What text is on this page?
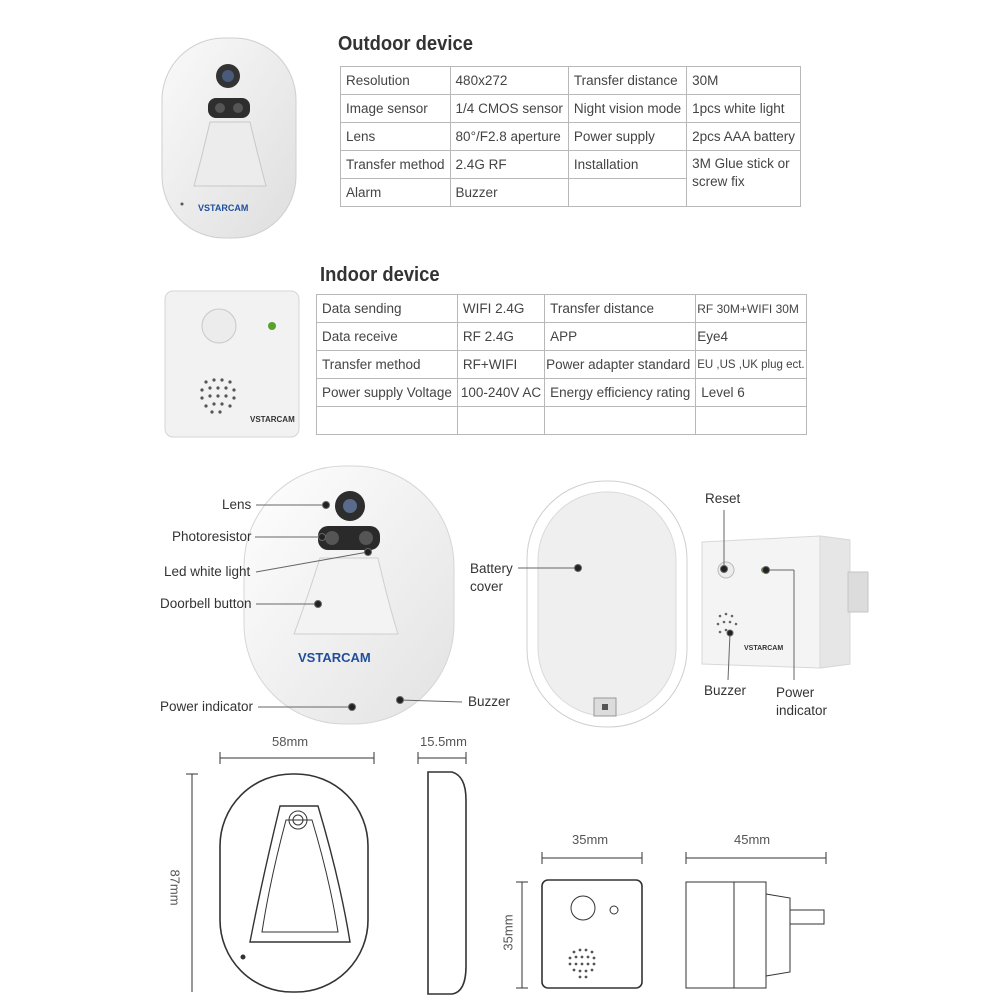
VSTARCAM
Outdoor device
Resolution	480x272	Transfer distance	30M
Image sensor	1/4 CMOS sensor	Night vision mode	1pcs white light
Lens	80°/F2.8 aperture	Power supply	2pcs AAA battery
Transfer method	2.4G RF	Installation	3M Glue stick or screw fix
Alarm	Buzzer		
VSTARCAM
Indoor device
Data sending	WIFI 2.4G	Transfer distance	RF 30M+WIFI 30M
Data receive	RF 2.4G	APP	Eye4
Transfer method	RF+WIFI	Power adapter standard	EU ,US ,UK plug ect.
Power supply Voltage	100-240V AC	Energy efficiency rating	Level 6

VSTARCAM
VSTARCAM
Lens
Photoresistor
Led white light
Doorbell button
Power indicator	Buzzer
Battery
cover
Reset
Buzzer Power
indicator
58mm	15.5mm
87mm
35mm
35mm
45mm
